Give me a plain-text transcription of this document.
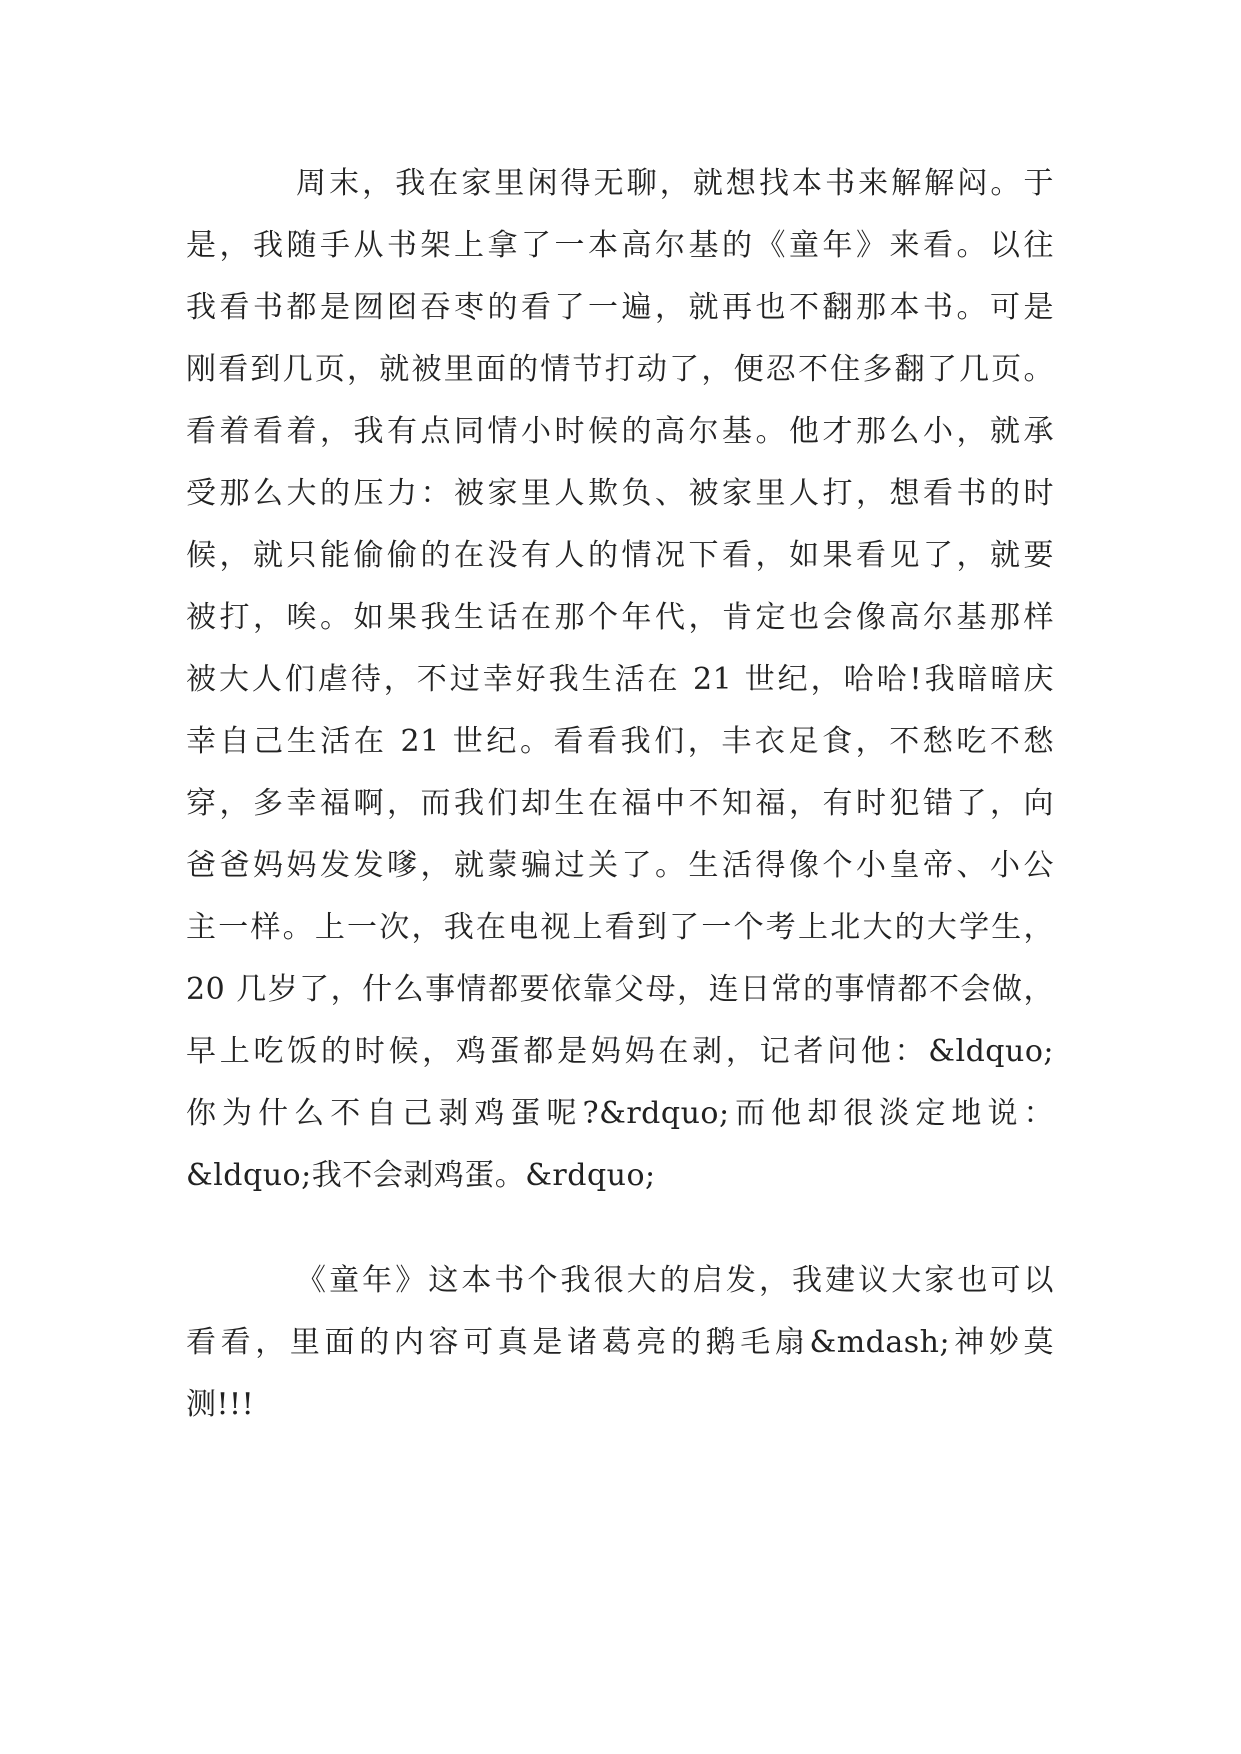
周末，我在家里闲得无聊，就想找本书来解解闷。于
是，我随手从书架上拿了一本高尔基的《童年》来看。以往
我看书都是囫囵吞枣的看了一遍，就再也不翻那本书。可是
刚看到几页，就被里面的情节打动了，便忍不住多翻了几页。
看着看着，我有点同情小时候的高尔基。他才那么小，就承
受那么大的压力：被家里人欺负、被家里人打，想看书的时
候，就只能偷偷的在没有人的情况下看，如果看见了，就要
被打，唉。如果我生话在那个年代，肯定也会像高尔基那样
被大人们虐待，不过幸好我生活在 21 世纪，哈哈!我暗暗庆
幸自己生活在 21 世纪。看看我们，丰衣足食，不愁吃不愁
穿，多幸福啊，而我们却生在福中不知福，有时犯错了，向
爸爸妈妈发发嗲，就蒙骗过关了。生活得像个小皇帝、小公
主一样。上一次，我在电视上看到了一个考上北大的大学生，
20 几岁了，什么事情都要依靠父母，连日常的事情都不会做，
早上吃饭的时候，鸡蛋都是妈妈在剥，记者问他：&ldquo;
你为什么不自己剥鸡蛋呢?&rdquo;而他却很淡定地说：
&ldquo;我不会剥鸡蛋。&rdquo;
《童年》这本书个我很大的启发，我建议大家也可以
看看，里面的内容可真是诸葛亮的鹅毛扇&mdash;神妙莫
测!!!
